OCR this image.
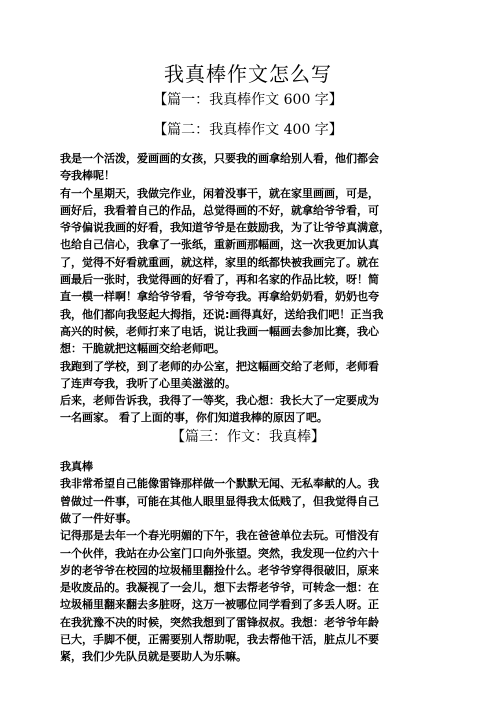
我真棒作文怎么写
【篇一：我真棒作文 600 字】
【篇二：我真棒作文 400 字】

我是一个活泼，爱画画的女孩，只要我的画拿给别人看，他们都会
夸我棒呢！

有一个星期天，我做完作业，闲着没事干，就在家里画画，可是，
画好后，我看着自己的作品，总觉得画的不好，就拿给爷爷看，可
爷爷偏说我画的好看，我知道爷爷是在鼓励我，为了让爷爷真满意，
也给自己信心，我拿了一张纸，重新画那幅画，这一次我更加认真
了，觉得不好看就重画，就这样，家里的纸都快被我画完了。就在
画最后一张时，我觉得画的好看了，再和名家的作品比较，呀！简
直一模一样啊！拿给爷爷看，爷爷夸我。再拿给奶奶看，奶奶也夸
我，他们都向我竖起大拇指，还说:画得真好，送给我们吧！正当我
高兴的时候，老师打来了电话，说让我画一幅画去参加比赛，我心
想：干脆就把这幅画交给老师吧。

我跑到了学校，到了老师的办公室，把这幅画交给了老师，老师看
了连声夸我，我听了心里美滋滋的。

【篇三：作文：我真棒】

我真棒

我非常希望自己能像雷锋那样做一个默默无闻、无私奉献的人。我
曾做过一件事，可能在其他人眼里显得我太低贱了，但我觉得自己
做了一件好事。

记得那是去年一个春光明媚的下午，我在爸爸单位去玩。可惜没有
一个伙伴，我站在办公室门口向外张望。突然，我发现一位约六十
岁的老爷爷在校园的垃圾桶里翻捡什么。老爷爷穿得很破旧，原来
是收废品的。我凝视了一会儿，想下去帮老爷爷，可转念一想：在
垃圾桶里翻来翻去多脏呀，这万一被哪位同学看到了多丢人呀。正
在我犹豫不决的时候，突然我想到了雷锋叔叔。我想：老爷爷年龄
已大，手脚不便，正需要别人帮助呢，我去帮他干活，脏点儿不要
紧，我们少先队员就是要助人为乐嘛。

后来，老师告诉我，我得了一等奖，我心想：我长大了一定要成为
一名画家。 看了上面的事，你们知道我棒的原因了吧。
